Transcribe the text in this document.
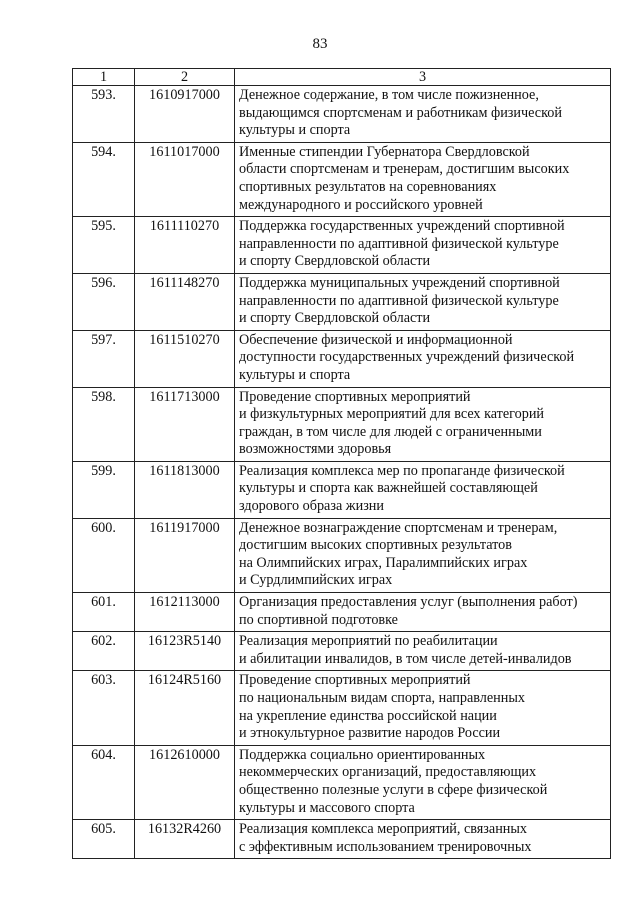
83
1	2	3
593.	1610917000	Денежное содержание, в том числе пожизненное,
выдающимся спортсменам и работникам физической
культуры и спорта

594.	1611017000	Именные стипендии Губернатора Свердловской
области спортсменам и тренерам, достигшим высоких
спортивных результатов на соревнованиях
международного и российского уровней

595.	1611110270	Поддержка государственных учреждений спортивной
направленности по адаптивной физической культуре
и спорту Свердловской области

596.	1611148270	Поддержка муниципальных учреждений спортивной
направленности по адаптивной физической культуре
и спорту Свердловской области

597.	1611510270	Обеспечение физической и информационной
доступности государственных учреждений физической
культуры и спорта

598.	1611713000	Проведение спортивных мероприятий
и физкультурных мероприятий для всех категорий
граждан, в том числе для людей с ограниченными
возможностями здоровья

599.	1611813000	Реализация комплекса мер по пропаганде физической
культуры и спорта как важнейшей составляющей
здорового образа жизни

600.	1611917000	Денежное вознаграждение спортсменам и тренерам,
достигшим высоких спортивных результатов
на Олимпийских играх, Паралимпийских играх
и Сурдлимпийских играх

601.	1612113000	Организация предоставления услуг (выполнения работ)
по спортивной подготовке

602.	16123R5140	Реализация мероприятий по реабилитации
и абилитации инвалидов, в том числе детей-инвалидов

603.	16124R5160	Проведение спортивных мероприятий
по национальным видам спорта, направленных
на укрепление единства российской нации
и этнокультурное развитие народов России

604.	1612610000	Поддержка социально ориентированных
некоммерческих организаций, предоставляющих
общественно полезные услуги в сфере физической
культуры и массового спорта

605.	16132R4260	Реализация комплекса мероприятий, связанных
с эффективным использованием тренировочных
